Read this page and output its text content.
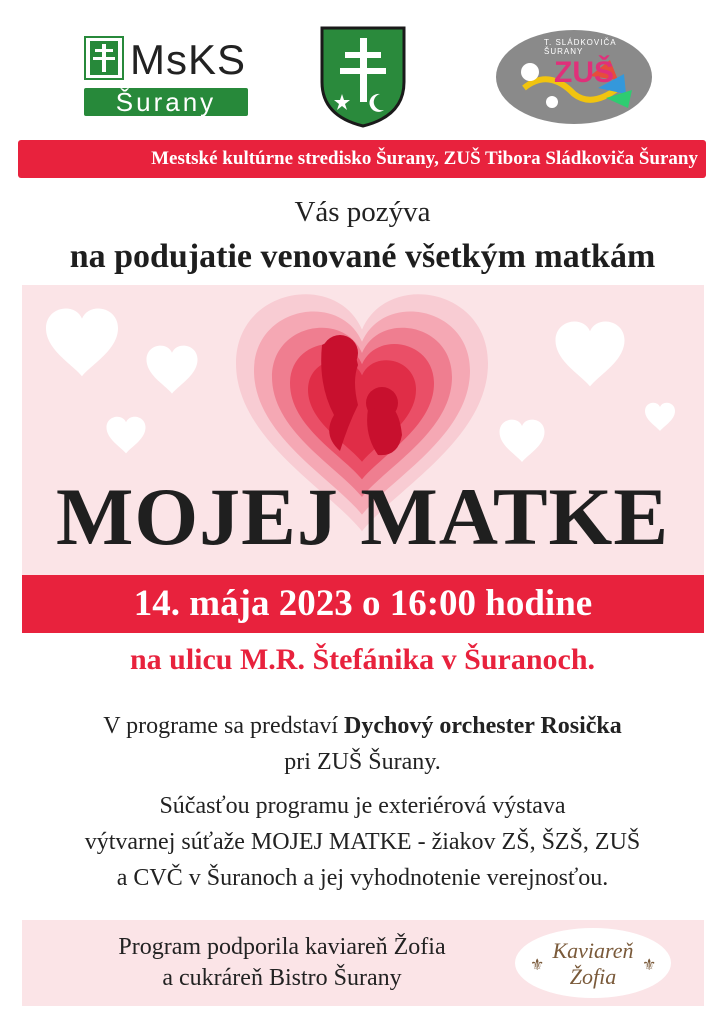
MsKS
Šurany
ZUŠ
T. SLÁDKOVIČA ŠURANY
Mestské kultúrne stredisko Šurany, ZUŠ Tibora Sládkoviča Šurany
Vás pozýva
na podujatie venované všetkým matkám
MOJEJ MATKE
14. mája 2023 o 16:00 hodine
na ulicu M.R. Štefánika v Šuranoch.
V programe sa predstaví Dychový orchester Rosička
pri ZUŠ Šurany.
Súčasťou programu je exteriérová výstava
výtvarnej súťaže MOJEJ MATKE - žiakov ZŠ, ŠZŠ, ZUŠ
a CVČ v Šuranoch a jej vyhodnotenie verejnosťou.
Program podporila kaviareň Žofia
a cukráreň Bistro Šurany
⚜	⚜
Kaviareň
Žofia
